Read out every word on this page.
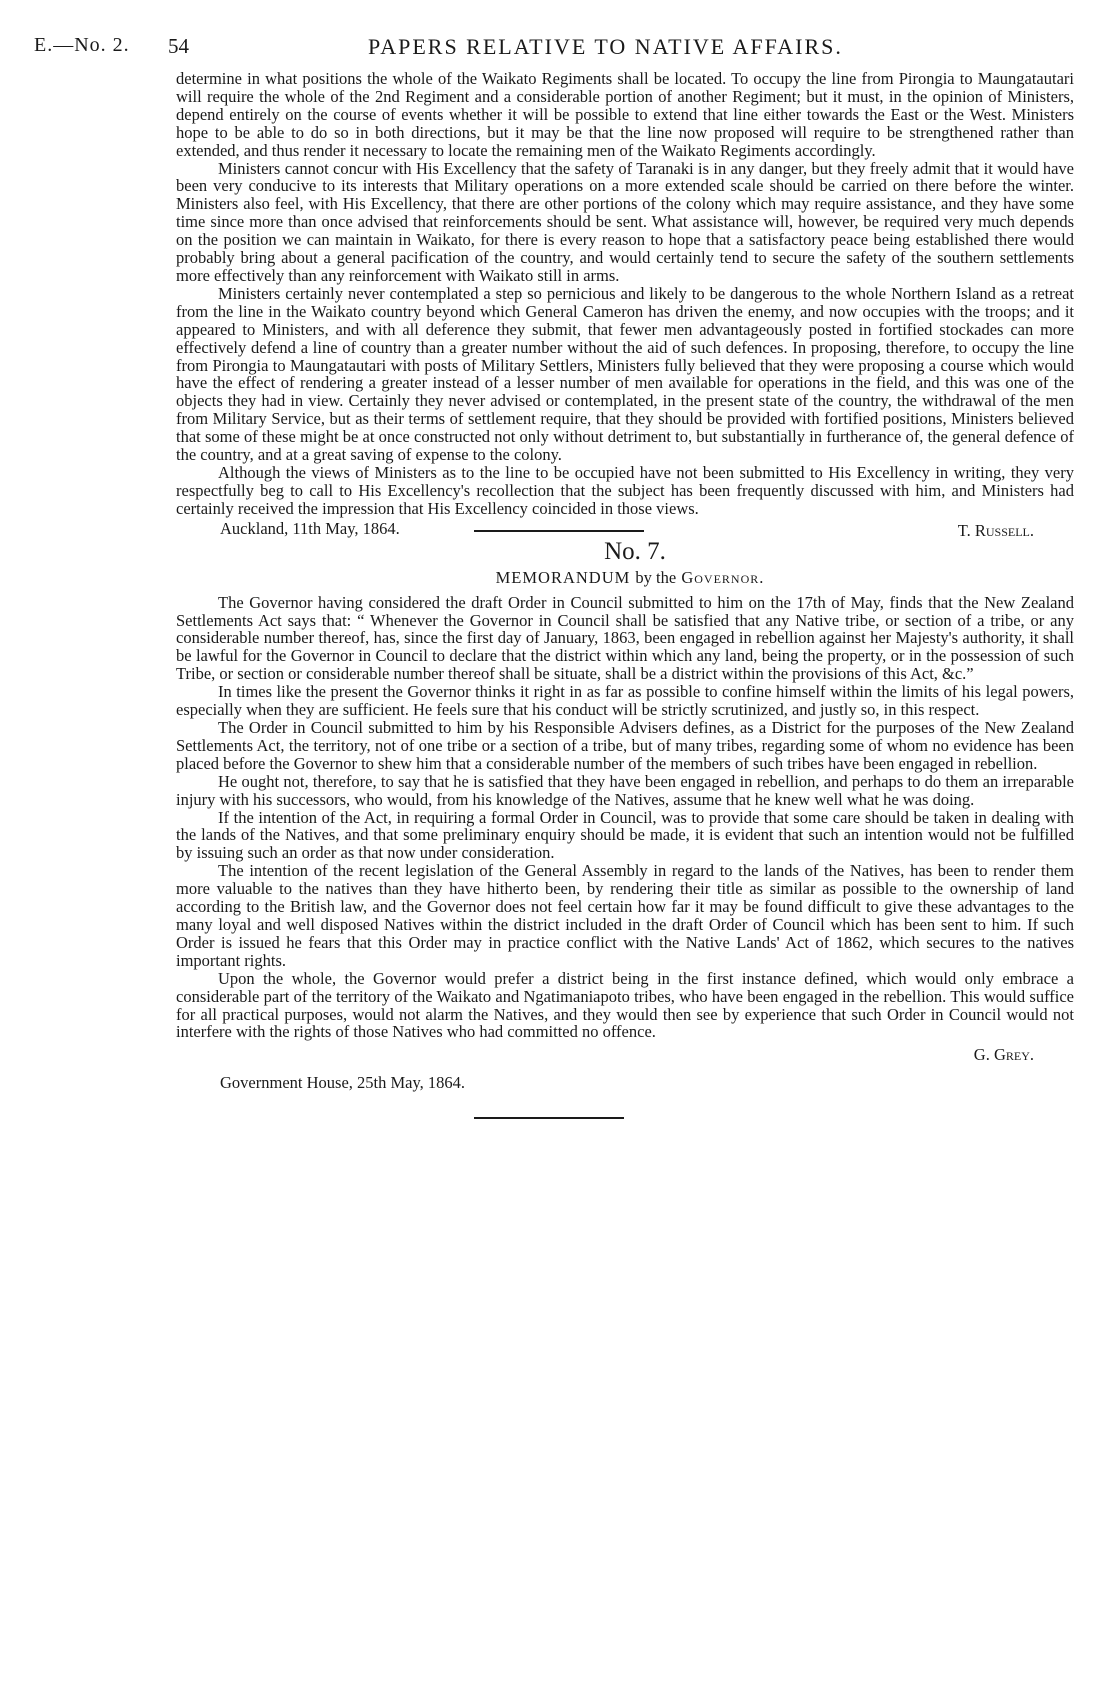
E.—No. 2. 54	PAPERS RELATIVE TO NATIVE AFFAIRS.

determine in what positions the whole of the Waikato Regiments shall be located. To occupy the line from Pirongia to Maungatautari will require the whole of the 2nd Regiment and a considerable portion of another Regiment; but it must, in the opinion of Ministers, depend entirely on the course of events whether it will be possible to extend that line either towards the East or the West. Ministers hope to be able to do so in both directions, but it may be that the line now proposed will require to be strengthened rather than extended, and thus render it necessary to locate the remaining men of the Waikato Regiments accordingly.

Ministers cannot concur with His Excellency that the safety of Taranaki is in any danger, but they freely admit that it would have been very conducive to its interests that Military operations on a more extended scale should be carried on there before the winter. Ministers also feel, with His Excellency, that there are other portions of the colony which may require assistance, and they have some time since more than once advised that reinforcements should be sent. What assistance will, however, be required very much depends on the position we can maintain in Waikato, for there is every reason to hope that a satisfactory peace being established there would probably bring about a general pacification of the country, and would certainly tend to secure the safety of the southern settlements more effectively than any reinforcement with Waikato still in arms.

Ministers certainly never contemplated a step so pernicious and likely to be dangerous to the whole Northern Island as a retreat from the line in the Waikato country beyond which General Cameron has driven the enemy, and now occupies with the troops; and it appeared to Ministers, and with all deference they submit, that fewer men advantageously posted in fortified stockades can more effectively defend a line of country than a greater number without the aid of such defences. In proposing, therefore, to occupy the line from Pirongia to Maungatautari with posts of Military Settlers, Ministers fully believed that they were proposing a course which would have the effect of rendering a greater instead of a lesser number of men available for operations in the field, and this was one of the objects they had in view. Certainly they never advised or contemplated, in the present state of the country, the withdrawal of the men from Military Service, but as their terms of settlement require, that they should be provided with fortified positions, Ministers believed that some of these might be at once constructed not only without detriment to, but substantially in furtherance of, the general defence of the country, and at a great saving of expense to the colony.

Although the views of Ministers as to the line to be occupied have not been submitted to His Excellency in writing, they very respectfully beg to call to His Excellency's recollection that the subject has been frequently discussed with him, and Ministers had certainly received the impression that His Excellency coincided in those views.

Auckland, 11th May, 1864.	T. Russell.
No. 7.
MEMORANDUM by the Governor.

The Governor having considered the draft Order in Council submitted to him on the 17th of May, finds that the New Zealand Settlements Act says that: “ Whenever the Governor in Council shall be satisfied that any Native tribe, or section of a tribe, or any considerable number thereof, has, since the first day of January, 1863, been engaged in rebellion against her Majesty's authority, it shall be lawful for the Governor in Council to declare that the district within which any land, being the property, or in the possession of such Tribe, or section or considerable number thereof shall be situate, shall be a district within the provisions of this Act, &c.”

In times like the present the Governor thinks it right in as far as possible to confine himself within the limits of his legal powers, especially when they are sufficient. He feels sure that his conduct will be strictly scrutinized, and justly so, in this respect.

The Order in Council submitted to him by his Responsible Advisers defines, as a District for the purposes of the New Zealand Settlements Act, the territory, not of one tribe or a section of a tribe, but of many tribes, regarding some of whom no evidence has been placed before the Governor to shew him that a considerable number of the members of such tribes have been engaged in rebellion.

He ought not, therefore, to say that he is satisfied that they have been engaged in rebellion, and perhaps to do them an irreparable injury with his successors, who would, from his knowledge of the Natives, assume that he knew well what he was doing.

If the intention of the Act, in requiring a formal Order in Council, was to provide that some care should be taken in dealing with the lands of the Natives, and that some preliminary enquiry should be made, it is evident that such an intention would not be fulfilled by issuing such an order as that now under consideration.

The intention of the recent legislation of the General Assembly in regard to the lands of the Natives, has been to render them more valuable to the natives than they have hitherto been, by rendering their title as similar as possible to the ownership of land according to the British law, and the Governor does not feel certain how far it may be found difficult to give these advantages to the many loyal and well disposed Natives within the district included in the draft Order of Council which has been sent to him. If such Order is issued he fears that this Order may in practice conflict with the Native Lands' Act of 1862, which secures to the natives important rights.

Upon the whole, the Governor would prefer a district being in the first instance defined, which would only embrace a considerable part of the territory of the Waikato and Ngatimaniapoto tribes, who have been engaged in the rebellion. This would suffice for all practical purposes, would not alarm the Natives, and they would then see by experience that such Order in Council would not interfere with the rights of those Natives who had committed no offence.

G. Grey.
Government House, 25th May, 1864.
